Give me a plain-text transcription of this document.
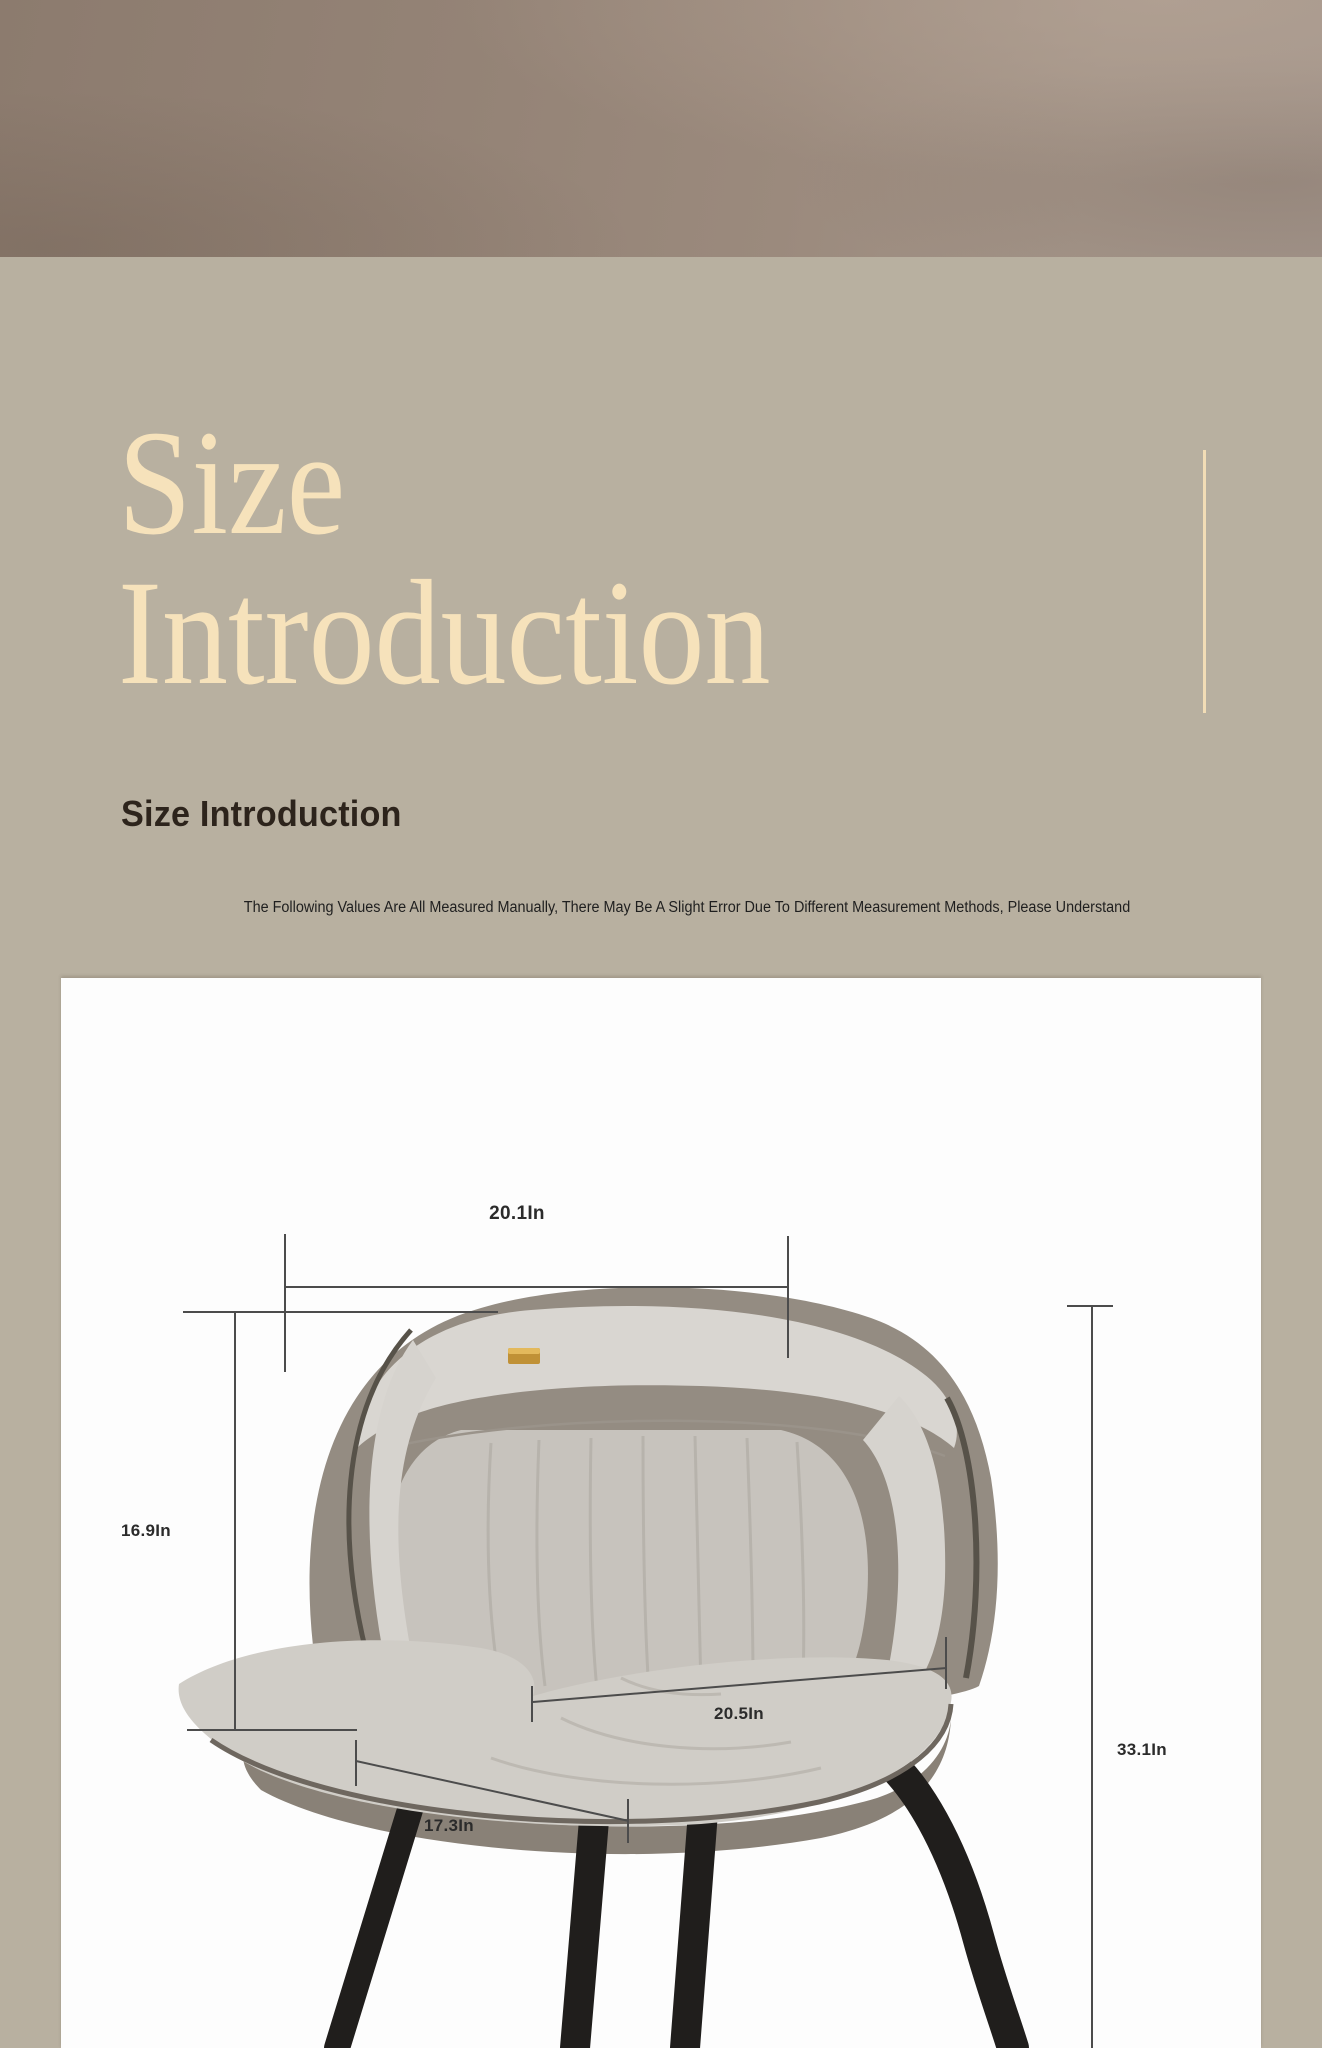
Size
Introduction
Size Introduction

The Following Values Are All Measured Manually, There May Be A Slight Error Due To Different Measurement Methods, Please Understand

20.1In
16.9In
20.5In
17.3In
33.1In
